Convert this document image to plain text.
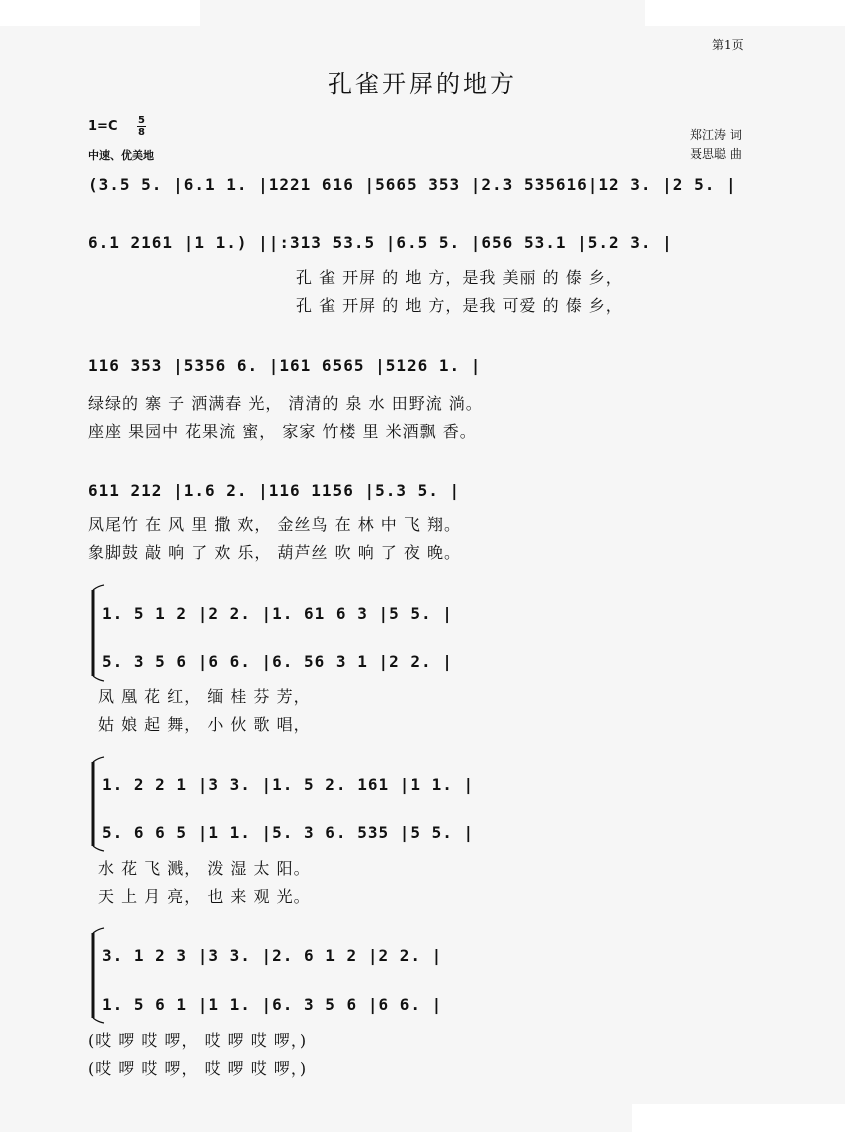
第1页
孔雀开屏的地方
1=C 5
8
中速、优美地
郑江涛 词
聂思聪 曲
(3.5 5. |6.1 1. |1221 616 |5665 353 |2.3 535616|12 3. |2 5. |
6.1 2161 |1 1.) ||:313 53.5 |6.5 5. |656 53.1 |5.2 3. |
孔 雀 开屏 的 地 方，是我 美丽 的 傣 乡，
孔 雀 开屏 的 地 方，是我 可爱 的 傣 乡，
116 353 |5356 6. |161 6565 |5126 1. |
绿绿的 寨 子 洒满春 光， 清清的 泉 水 田野流 淌。
座座 果园中 花果流 蜜， 家家 竹楼 里 米酒飘 香。
611 212 |1.6 2. |116 1156 |5.3 5. |
凤尾竹 在 风 里 撒 欢， 金丝鸟 在 林 中 飞 翔。
象脚鼓 敲 响 了 欢 乐， 葫芦丝 吹 响 了 夜 晚。
1. 5 1 2 |2 2. |1. 61 6 3 |5 5. |
5. 3 5 6 |6 6. |6. 56 3 1 |2 2. |
凤 凰 花 红， 缅 桂 芬 芳，
姑 娘 起 舞， 小 伙 歌 唱，
1. 2 2 1 |3 3. |1. 5 2. 161 |1 1. |
5. 6 6 5 |1 1. |5. 3 6. 535 |5 5. |
水 花 飞 溅， 泼 湿 太 阳。
天 上 月 亮， 也 来 观 光。
3. 1 2 3 |3 3. |2. 6 1 2 |2 2. |
1. 5 6 1 |1 1. |6. 3 5 6 |6 6. |
(哎 啰 哎 啰， 哎 啰 哎 啰，)
(哎 啰 哎 啰， 哎 啰 哎 啰，)
